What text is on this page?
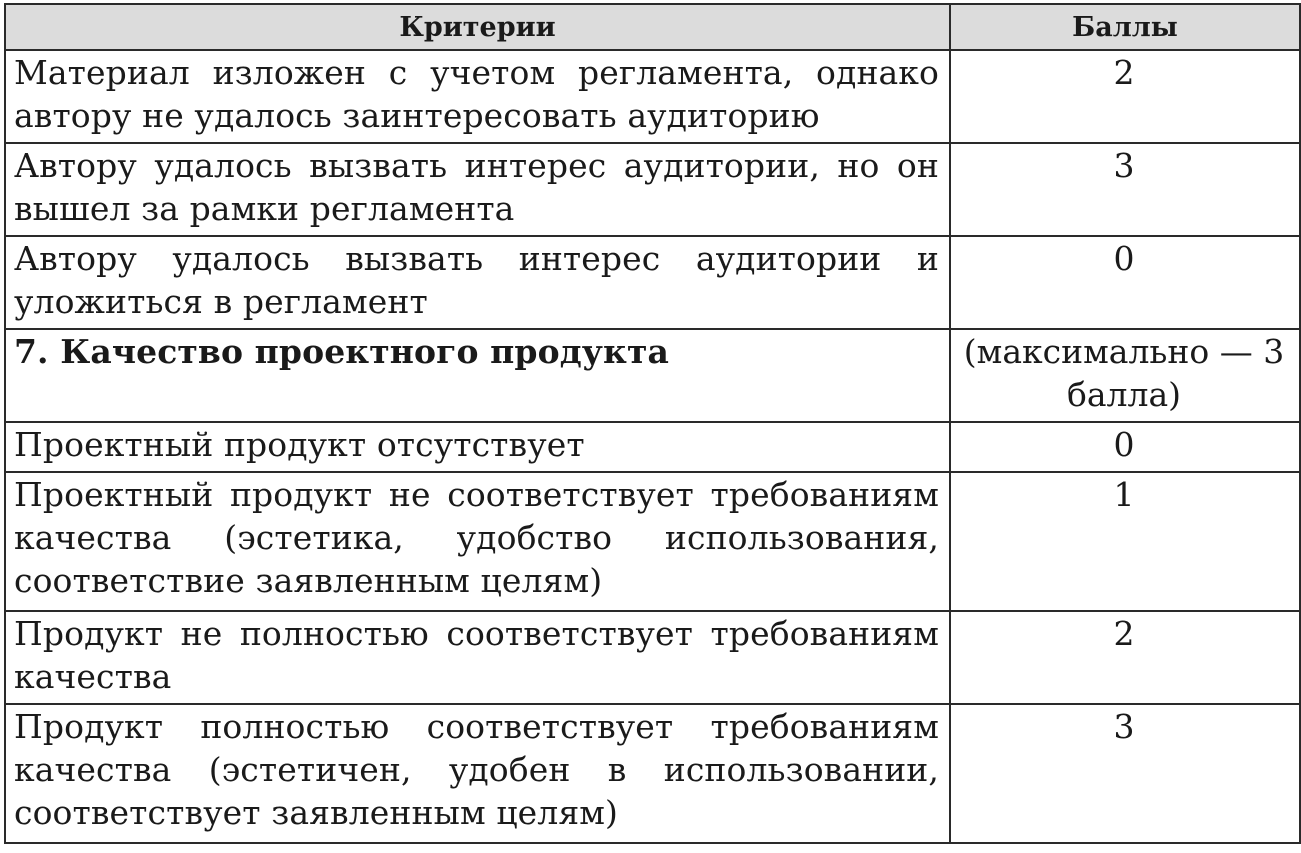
Критерии	Баллы
Материал изложен с учетом регламента, однако автору не удалось заинтересовать аудиторию	2
Автору удалось вызвать интерес аудитории, но он вышел за рамки регламента	3
Автору удалось вызвать интерес аудитории и уложиться в регламент	0
7. Качество проектного продукта	(максимально — 3 балла)
Проектный продукт отсутствует	0
Проектный продукт не соответствует требованиям качества (эстетика, удобство использования, соответствие заявленным целям)	1
Продукт не полностью соответствует требованиям качества	2
Продукт полностью соответствует требованиям качества (эстетичен, удобен в использовании, соответствует заявленным целям)	3
